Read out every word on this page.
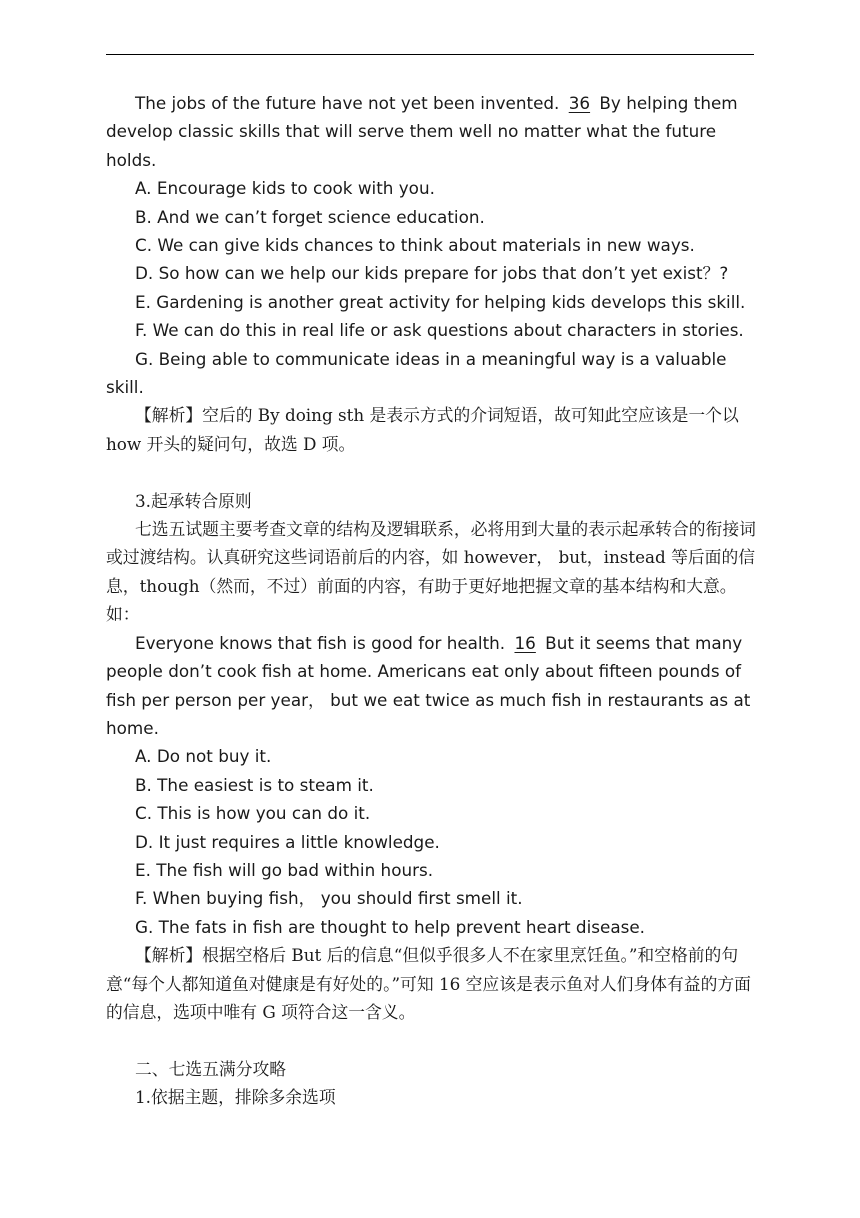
The jobs of the future have not yet been invented. 36 By helping them develop classic skills that will serve them well no matter what the future holds.

A. Encourage kids to cook with you.

B. And we can’t forget science education.

C. We can give kids chances to think about materials in new ways.

D. So how can we help our kids prepare for jobs that don’t yet exist？?

E. Gardening is another great activity for helping kids develops this skill.

F. We can do this in real life or ask questions about characters in stories.

G. Being able to communicate ideas in a meaningful way is a valuable skill.

【解析】空后的 By doing sth 是表示方式的介词短语，故可知此空应该是一个以 how 开头的疑问句，故选 D 项。

3.起承转合原则

七选五试题主要考查文章的结构及逻辑联系，必将用到大量的表示起承转合的衔接词或过渡结构。认真研究这些词语前后的内容，如 however， but，instead 等后面的信息，though（然而，不过）前面的内容，有助于更好地把握文章的基本结构和大意。如：

Everyone knows that fish is good for health. 16 But it seems that many people don’t cook fish at home. Americans eat only about fifteen pounds of fish per person per year， but we eat twice as much fish in restaurants as at home.

A. Do not buy it.

B. The easiest is to steam it.

C. This is how you can do it.

D. It just requires a little knowledge.

E. The fish will go bad within hours.

F. When buying fish， you should first smell it.

G. The fats in fish are thought to help prevent heart disease.

【解析】根据空格后 But 后的信息“但似乎很多人不在家里烹饪鱼。”和空格前的句意“每个人都知道鱼对健康是有好处的。”可知 16 空应该是表示鱼对人们身体有益的方面的信息，选项中唯有 G 项符合这一含义。

二、七选五满分攻略

1.依据主题，排除多余选项
